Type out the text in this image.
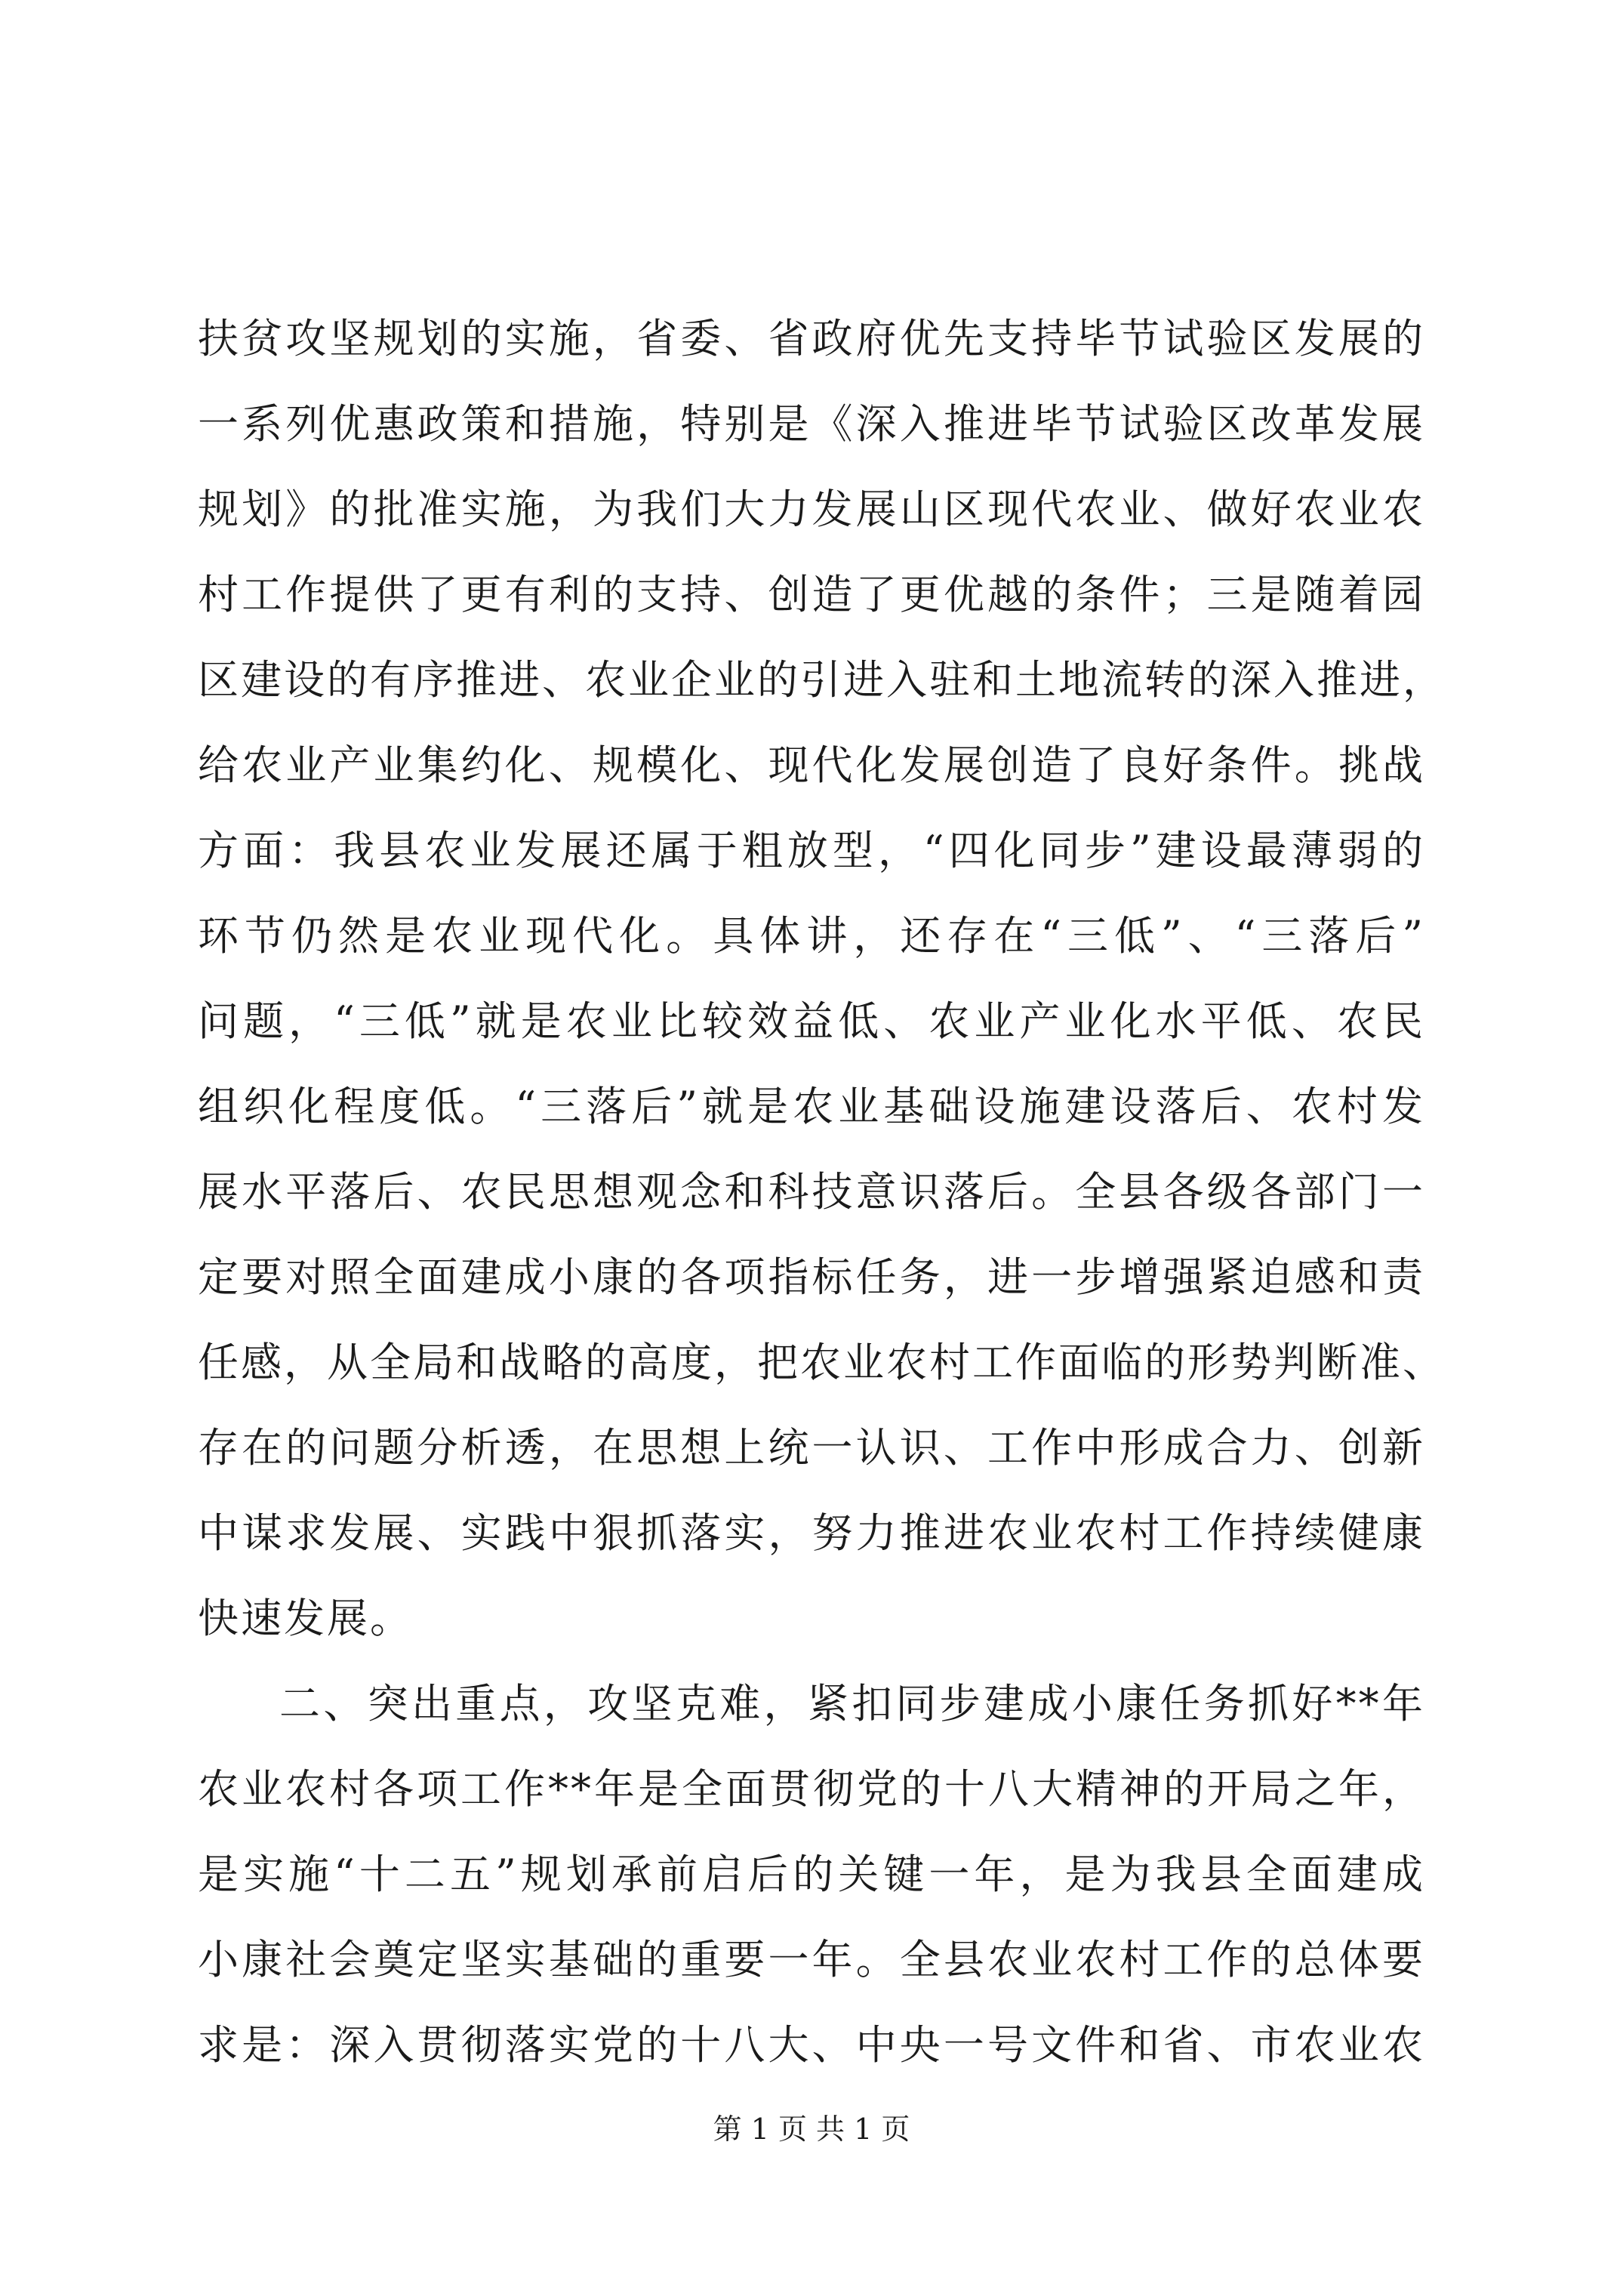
扶贫攻坚规划的实施，省委、省政府优先支持毕节试验区发展的
一系列优惠政策和措施，特别是《深入推进毕节试验区改革发展
规划》的批准实施，为我们大力发展山区现代农业、做好农业农
村工作提供了更有利的支持、创造了更优越的条件；三是随着园
区建设的有序推进、农业企业的引进入驻和土地流转的深入推进，
给农业产业集约化、规模化、现代化发展创造了良好条件。挑战
方面：我县农业发展还属于粗放型，“四化同步”建设最薄弱的
环节仍然是农业现代化。具体讲，还存在“三低”、“三落后”
问题，“三低”就是农业比较效益低、农业产业化水平低、农民
组织化程度低。“三落后”就是农业基础设施建设落后、农村发
展水平落后、农民思想观念和科技意识落后。全县各级各部门一
定要对照全面建成小康的各项指标任务，进一步增强紧迫感和责
任感，从全局和战略的高度，把农业农村工作面临的形势判断准、
存在的问题分析透，在思想上统一认识、工作中形成合力、创新
中谋求发展、实践中狠抓落实，努力推进农业农村工作持续健康
快速发展。
二、突出重点，攻坚克难，紧扣同步建成小康任务抓好**年
农业农村各项工作**年是全面贯彻党的十八大精神的开局之年，
是实施“十二五”规划承前启后的关键一年，是为我县全面建成
小康社会奠定坚实基础的重要一年。全县农业农村工作的总体要
求是：深入贯彻落实党的十八大、中央一号文件和省、市农业农
第 1 页 共 1 页
